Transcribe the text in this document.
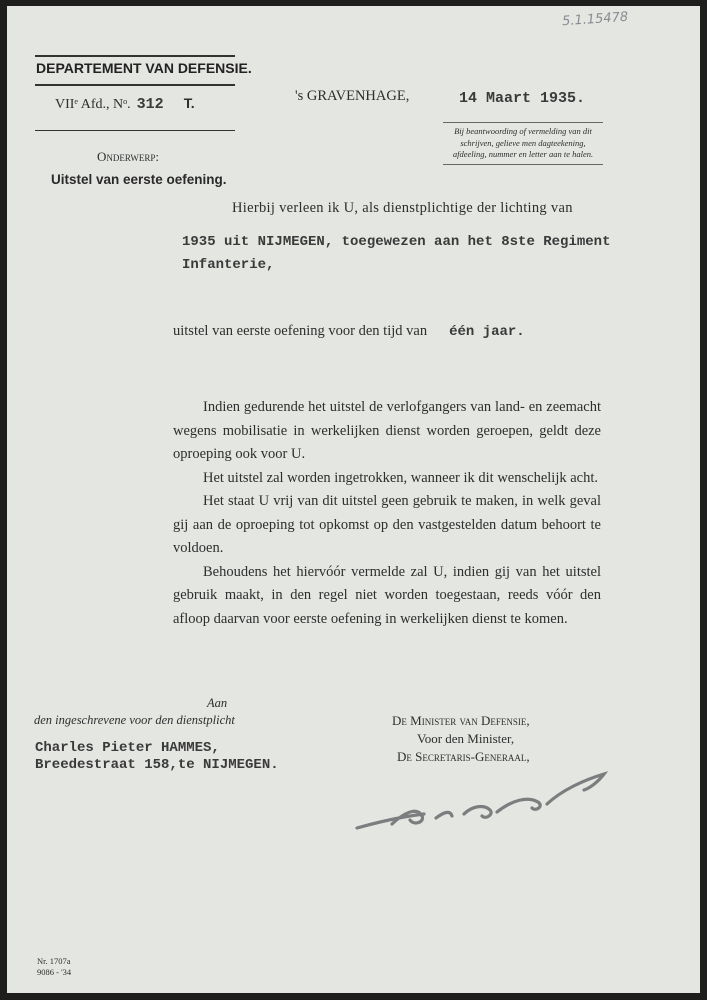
5.1.15478
DEPARTEMENT VAN DEFENSIE.
VIIᵉ Afd., Nᵒ. 312 T.
Onderwerp:
Uitstel van eerste oefening.
's GRAVENHAGE,	14 Maart 1935.
Bij beantwoording of vermelding van dit schrijven, gelieve men dagteekening, afdeeling, nummer en letter aan te halen.
Hierbij verleen ik U, als dienstplichtige der lichting van
1935 uit NIJMEGEN, toegewezen aan het 8ste Regiment
Infanterie,
uitstel van eerste oefening voor den tijd van één jaar.

Indien gedurende het uitstel de verlofgangers van land- en zeemacht wegens mobilisatie in werkelijken dienst worden geroepen, geldt deze oproeping ook voor U.

Het uitstel zal worden ingetrokken, wanneer ik dit wenschelijk acht.

Het staat U vrij van dit uitstel geen gebruik te maken, in welk geval gij aan de oproeping tot opkomst op den vastgestelden datum behoort te voldoen.

Behoudens het hiervóór vermelde zal U, indien gij van het uitstel gebruik maakt, in den regel niet worden toegestaan, reeds vóór den afloop daarvan voor eerste oefening in werkelijken dienst te komen.

Aan
den ingeschrevene voor den dienstplicht
Charles Pieter HAMMES,
Breedestraat 158,te NIJMEGEN.
De Minister van Defensie,
Voor den Minister,
De Secretaris-Generaal,
Nr. 1707a
9086 - '34
